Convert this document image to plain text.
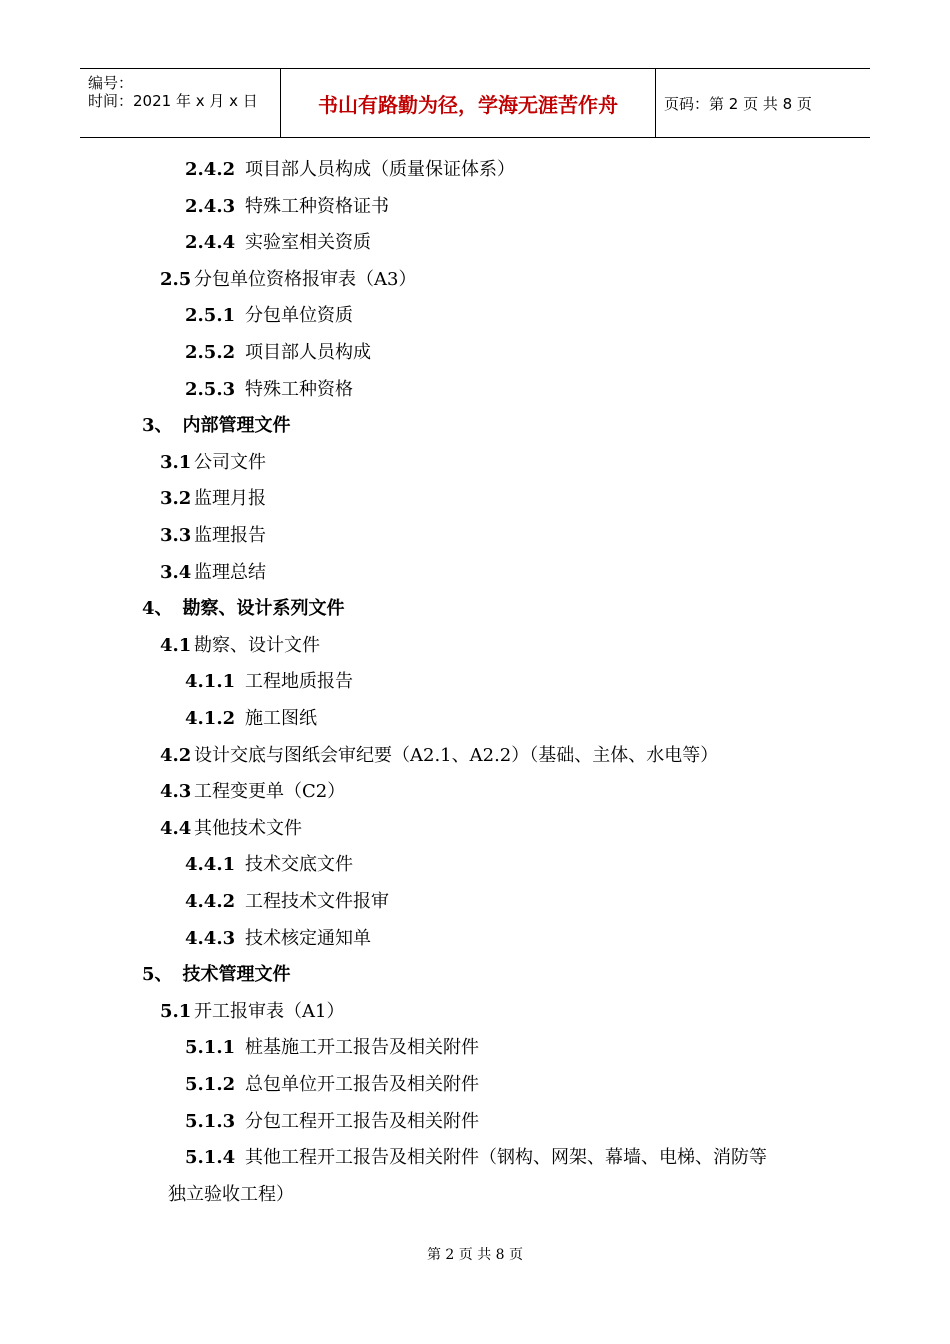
编号：
时间：2021 年 x 月 x 日	书山有路勤为径，学海无涯苦作舟	页码：第 2 页 共 8 页
2.4.2 项目部人员构成（质量保证体系）
2.4.3 特殊工种资格证书
2.4.4 实验室相关资质
2.5 分包单位资格报审表（A3）
2.5.1 分包单位资质
2.5.2 项目部人员构成
2.5.3 特殊工种资格
3、 内部管理文件
3.1 公司文件
3.2 监理月报
3.3 监理报告
3.4 监理总结
4、 勘察、设计系列文件
4.1 勘察、设计文件
4.1.1 工程地质报告
4.1.2 施工图纸
4.2 设计交底与图纸会审纪要（A2.1、A2.2）（基础、主体、水电等）
4.3 工程变更单（C2）
4.4 其他技术文件
4.4.1 技术交底文件
4.4.2 工程技术文件报审
4.4.3 技术核定通知单
5、 技术管理文件
5.1 开工报审表（A1）
5.1.1 桩基施工开工报告及相关附件
5.1.2 总包单位开工报告及相关附件
5.1.3 分包工程开工报告及相关附件
5.1.4 其他工程开工报告及相关附件（钢构、网架、幕墙、电梯、消防等
独立验收工程）
第 2 页 共 8 页
